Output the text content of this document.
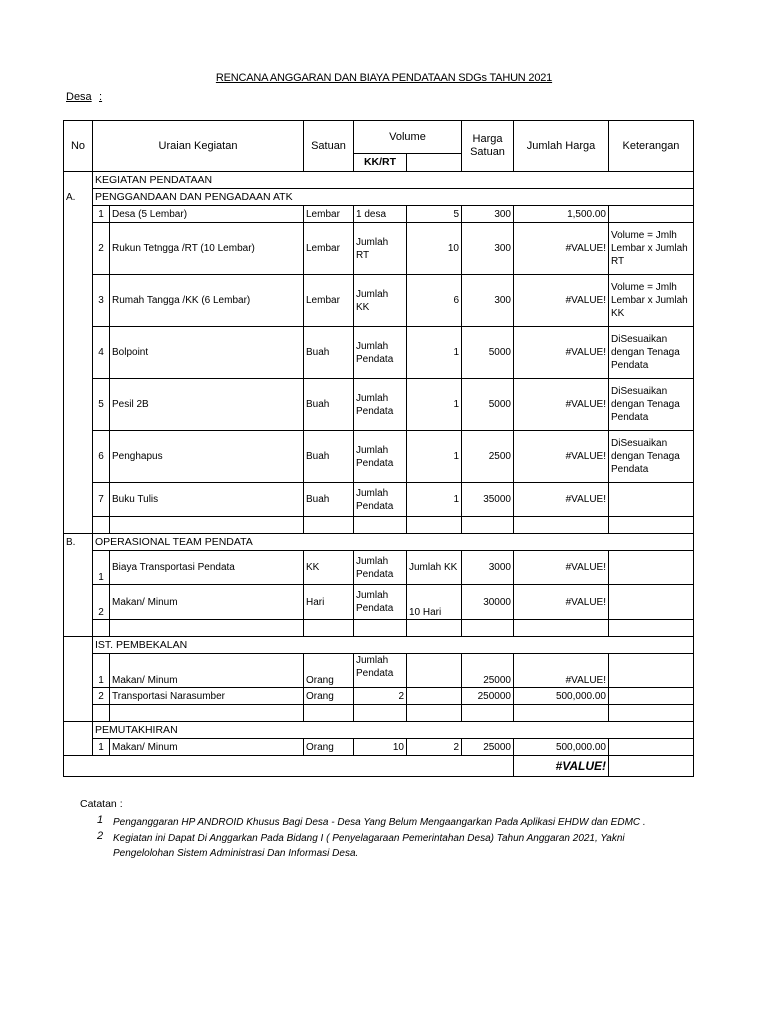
RENCANA ANGGARAN DAN BIAYA PENDATAAN SDGs TAHUN 2021
Desa :
No	Uraian Kegiatan		Satuan	Volume		Harga Satuan	Jumlah Harga	Keterangan
				KK/RT				
	KEGIATAN PENDATAAN							
A.	PENGGANDAAN DAN PENGADAAN ATK							
	1	Desa (5 Lembar)	Lembar	1 desa	5	300	1,500.00	
	2	Rukun Tetngga /RT (10 Lembar)	Lembar	Jumlah RT	10	300	#VALUE!	Volume = Jmlh Lembar x Jumlah RT
	3	Rumah Tangga /KK (6 Lembar)	Lembar	Jumlah KK	6	300	#VALUE!	Volume = Jmlh Lembar x Jumlah KK
	4	Bolpoint	Buah	Jumlah Pendata	1	5000	#VALUE!	DiSesuaikan dengan Tenaga Pendata
	5	Pesil 2B	Buah	Jumlah Pendata	1	5000	#VALUE!	DiSesuaikan dengan Tenaga Pendata
	6	Penghapus	Buah	Jumlah Pendata	1	2500	#VALUE!	DiSesuaikan dengan Tenaga Pendata
	7	Buku Tulis	Buah	Jumlah Pendata	1	35000	#VALUE!	

B.	OPERASIONAL TEAM PENDATA							
	1	Biaya Transportasi Pendata	KK	Jumlah Pendata	Jumlah KK	3000	#VALUE!	
	2	Makan/ Minum	Hari	Jumlah Pendata	10 Hari	30000	#VALUE!	

	IST. PEMBEKALAN							
	1	Makan/ Minum	Orang	Jumlah Pendata		25000	#VALUE!	
	2	Transportasi Narasumber	Orang	2		250000	500,000.00	

	PEMUTAKHIRAN							
	1	Makan/ Minum	Orang	10	2	25000	500,000.00	
							#VALUE!	
Catatan :
1 Penganggaran HP ANDROID Khusus Bagi Desa - Desa Yang Belum Mengaangarkan Pada Aplikasi EHDW dan EDMC .
2 Kegiatan ini Dapat Di Anggarkan Pada Bidang I ( Penyelagaraan Pemerintahan Desa) Tahun Anggaran 2021, Yakni Pengelolohan Sistem Administrasi Dan Informasi Desa.
